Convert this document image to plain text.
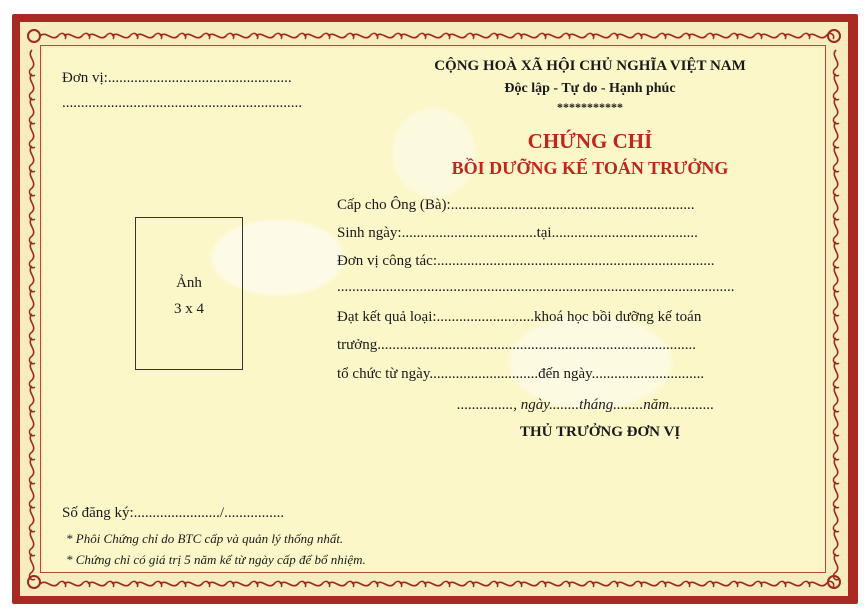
Đơn vị:.................................................
................................................................
Ảnh
3 x 4
Số đăng ký:......................./................
* Phôi Chứng chỉ do BTC cấp và quản lý thống nhất.
* Chứng chỉ có giá trị 5 năm kể từ ngày cấp để bổ nhiệm.
CỘNG HOÀ XÃ HỘI CHỦ NGHĨA VIỆT NAM
Độc lập - Tự do - Hạnh phúc
***********
CHỨNG CHỈ
BỒI DƯỠNG KẾ TOÁN TRƯỞNG
Cấp cho Ông (Bà):.................................................................
Sinh ngày:....................................tại.......................................
Đơn vị công tác:..........................................................................
..........................................................................................................
Đạt kết quả loại:..........................khoá học bồi dưỡng kế toán
trưởng.....................................................................................
tổ chức từ ngày.............................đến ngày..............................
..............., ngày........tháng........năm............
THỦ TRƯỞNG ĐƠN VỊ
